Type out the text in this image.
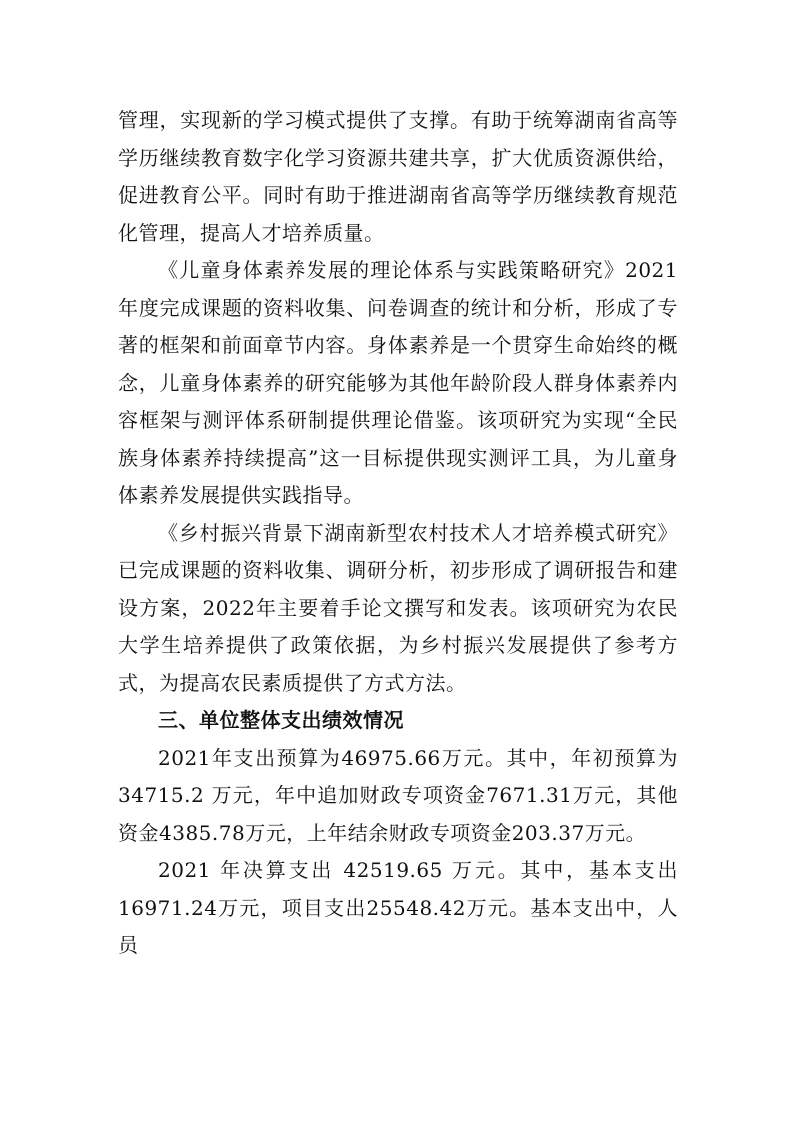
管理，实现新的学习模式提供了支撑。有助于统筹湖南省高等学历继续教育数字化学习资源共建共享，扩大优质资源供给，促进教育公平。同时有助于推进湖南省高等学历继续教育规范化管理，提高人才培养质量。

《儿童身体素养发展的理论体系与实践策略研究》2021年度完成课题的资料收集、问卷调查的统计和分析，形成了专著的框架和前面章节内容。身体素养是一个贯穿生命始终的概念，儿童身体素养的研究能够为其他年龄阶段人群身体素养内容框架与测评体系研制提供理论借鉴。该项研究为实现“全民族身体素养持续提高”这一目标提供现实测评工具，为儿童身体素养发展提供实践指导。

《乡村振兴背景下湖南新型农村技术人才培养模式研究》已完成课题的资料收集、调研分析，初步形成了调研报告和建设方案，2022年主要着手论文撰写和发表。该项研究为农民大学生培养提供了政策依据，为乡村振兴发展提供了参考方式，为提高农民素质提供了方式方法。

三、单位整体支出绩效情况

2021年支出预算为46975.66万元。其中，年初预算为34715.2 万元，年中追加财政专项资金7671.31万元，其他资金4385.78万元，上年结余财政专项资金203.37万元。

2021 年决算支出 42519.65 万元。其中，基本支出16971.24万元，项目支出25548.42万元。基本支出中，人员
